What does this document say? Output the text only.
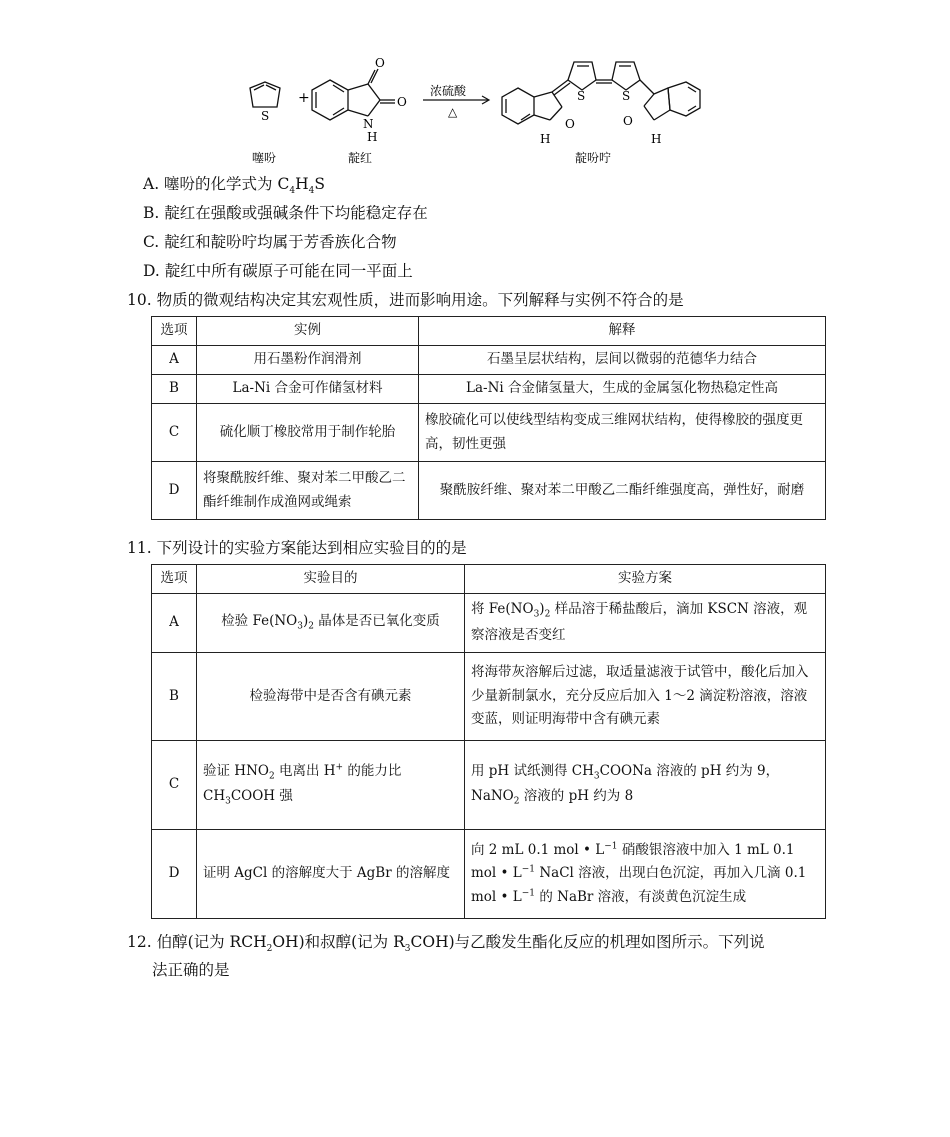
S
+
O
O
N
H
浓硫酸
△
S	S
O	O
H	H
噻吩	靛红	靛吩咛
A. 噻吩的化学式为 $C_4H_4S$
B. 靛红在强酸或强碱条件下均能稳定存在
C. 靛红和靛吩咛均属于芳香族化合物
D. 靛红中所有碳原子可能在同一平面上
10. 物质的微观结构决定其宏观性质，进而影响用途。下列解释与实例不符合的是
选项	实例	解释
A	用石墨粉作润滑剂	石墨呈层状结构，层间以微弱的范德华力结合
B	La-Ni 合金可作储氢材料	La-Ni 合金储氢量大，生成的金属氢化物热稳定性高
C	硫化顺丁橡胶常用于制作轮胎	橡胶硫化可以使线型结构变成三维网状结构，使得橡胶的强度更高，韧性更强
D	将聚酰胺纤维、聚对苯二甲酸乙二酯纤维制作成渔网或绳索	聚酰胺纤维、聚对苯二甲酸乙二酯纤维强度高，弹性好，耐磨
11. 下列设计的实验方案能达到相应实验目的的是
选项	实验目的	实验方案
A	检验 $Fe(NO_3)_2$ 晶体是否已氧化变质	将 $Fe(NO_3)_2$ 样品溶于稀盐酸后，滴加 KSCN 溶液，观察溶液是否变红
B	检验海带中是否含有碘元素	将海带灰溶解后过滤，取适量滤液于试管中，酸化后加入少量新制氯水，充分反应后加入 1～2 滴淀粉溶液，溶液变蓝，则证明海带中含有碘元素
C	验证 $HNO_2$ 电离出 H+ 的能力比 $CH_3COOH$ 强	用 pH 试纸测得 $CH_3COONa$ 溶液的 pH 约为 9，NaNO$_2$ 溶液的 pH 约为 8
D	证明 AgCl 的溶解度大于 AgBr 的溶解度	向 2 mL 0.1 mol • $L^{-1}$ 硝酸银溶液中加入 1 mL 0.1 mol • $L^{-1}$ NaCl 溶液，出现白色沉淀，再加入几滴 0.1 mol • $L^{-1}$ 的 NaBr 溶液，有淡黄色沉淀生成
12. 伯醇(记为 $RCH_2OH$)和叔醇(记为 $R_3COH$)与乙酸发生酯化反应的机理如图所示。下列说
法正确的是
